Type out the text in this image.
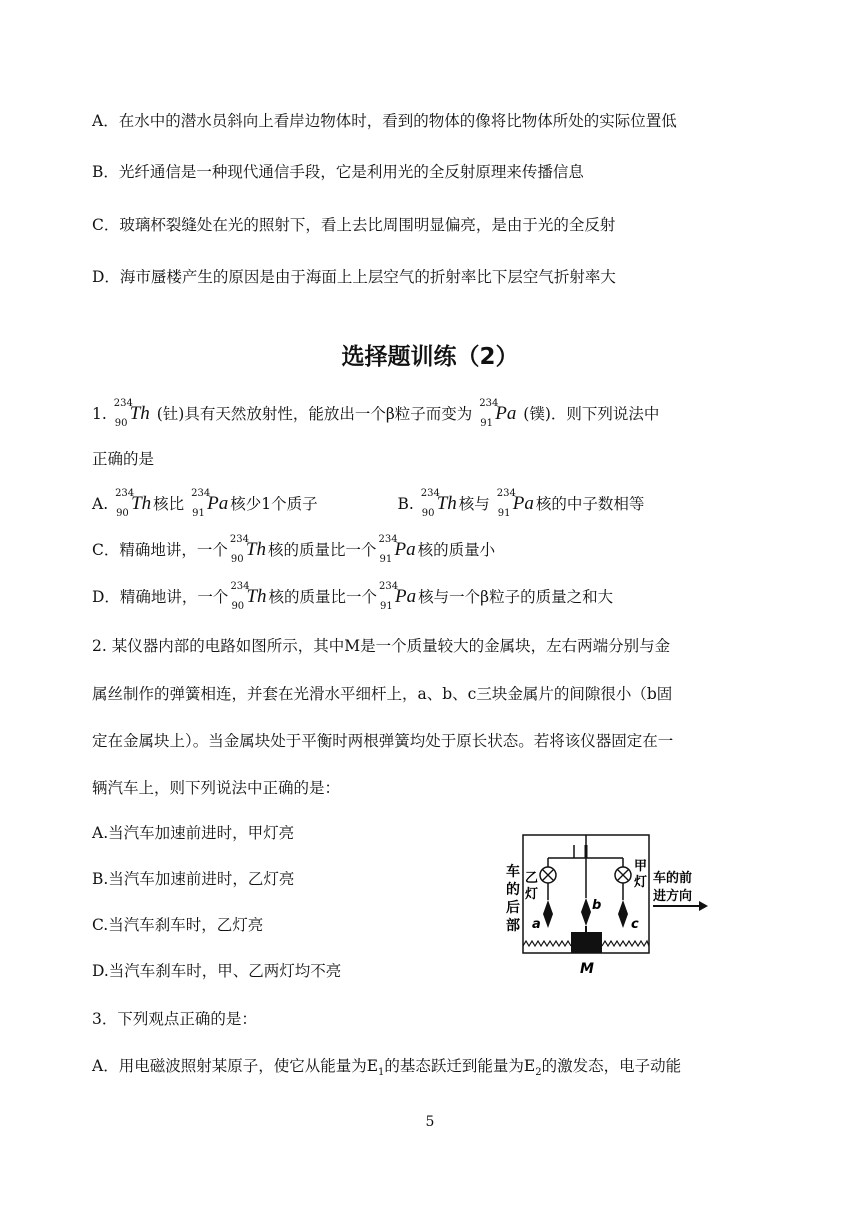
A．在水中的潜水员斜向上看岸边物体时，看到的物体的像将比物体所处的实际位置低
B．光纤通信是一种现代通信手段，它是利用光的全反射原理来传播信息
C．玻璃杯裂缝处在光的照射下，看上去比周围明显偏亮，是由于光的全反射
D．海市蜃楼产生的原因是由于海面上上层空气的折射率比下层空气折射率大
选择题训练（2）
1.
234
90 Th (钍)具有天然放射性，能放出一个β粒子而变为
234
91 Pa (镤)．则下列说法中
正确的是
A.
234
90 Th 核比
234
91 Pa 核少1个质子	B.
234
90 Th 核与
234
91 Pa 核的中子数相等
C．精确地讲，一个
234
90 Th 核的质量比一个
234
91 Pa 核的质量小
D．精确地讲，一个
234
90 Th 核的质量比一个
234
91 Pa 核与一个β粒子的质量之和大
2. 某仪器内部的电路如图所示，其中M是一个质量较大的金属块，左右两端分别与金
属丝制作的弹簧相连，并套在光滑水平细杆上，a、b、c三块金属片的间隙很小（b固
定在金属块上）。当金属块处于平衡时两根弹簧均处于原长状态。若将该仪器固定在一
辆汽车上，则下列说法中正确的是：
A.当汽车加速前进时，甲灯亮
B.当汽车加速前进时，乙灯亮
C.当汽车刹车时，乙灯亮
D.当汽车刹车时，甲、乙两灯均不亮
车
的
后
部
乙
灯
甲
灯 车的前
进方向
a
b
c
M
3．下列观点正确的是：
A．用电磁波照射某原子，使它从能量为$E_1$的基态跃迁到能量为$E_2$的激发态，电子动能
5
